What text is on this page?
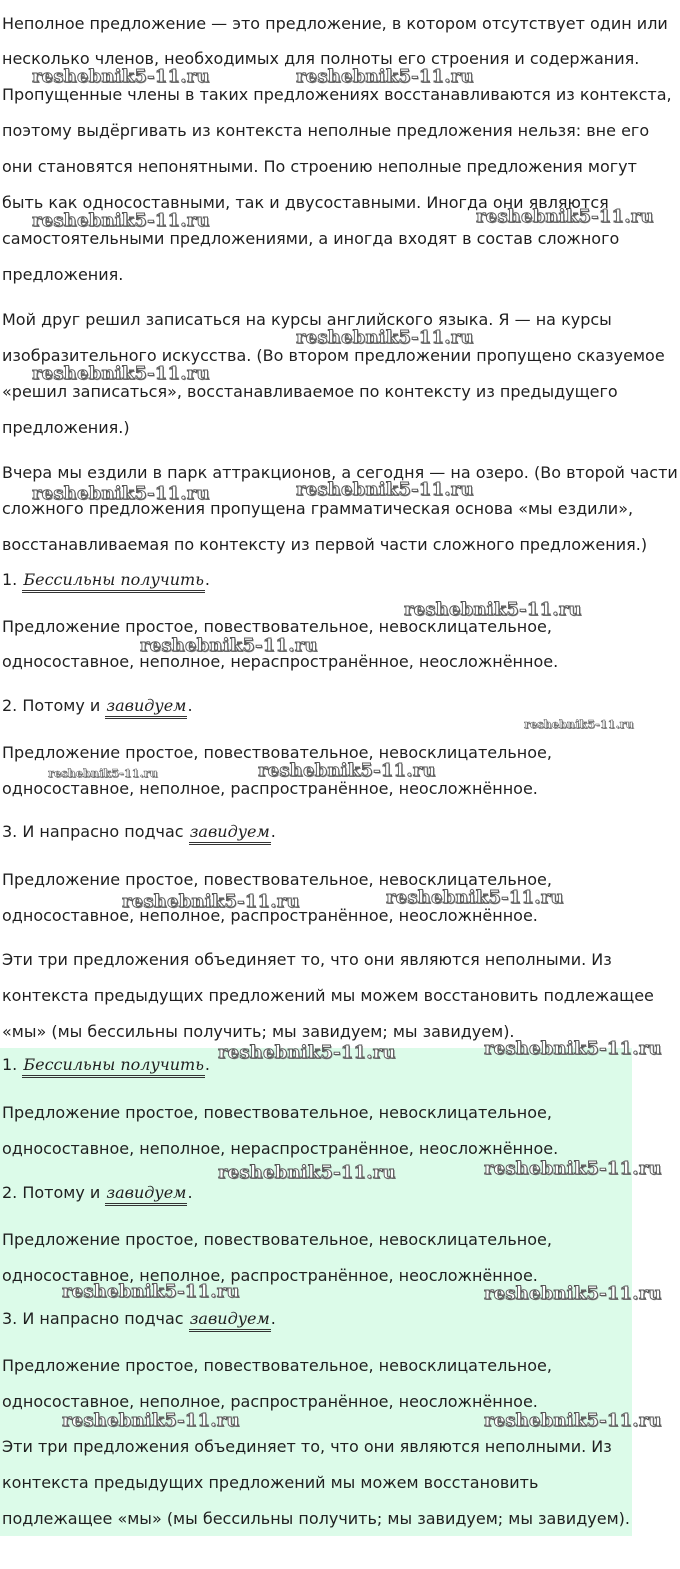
Неполное предложение — это предложение, в котором отсутствует один или
несколько членов, необходимых для полноты его строения и содержания.
Пропущенные члены в таких предложениях восстанавливаются из контекста,
поэтому выдёргивать из контекста неполные предложения нельзя: вне его
они становятся непонятными. По строению неполные предложения могут
быть как односоставными, так и двусоставными. Иногда они являются
самостоятельными предложениями, а иногда входят в состав сложного
предложения.
Мой друг решил записаться на курсы английского языка. Я — на курсы
изобразительного искусства. (Во втором предложении пропущено сказуемое
«решил записаться», восстанавливаемое по контексту из предыдущего
предложения.)
Вчера мы ездили в парк аттракционов, а сегодня — на озеро. (Во второй части
сложного предложения пропущена грамматическая основа «мы ездили»,
восстанавливаемая по контексту из первой части сложного предложения.)
1. Бессильны получить.
Предложение простое, повествовательное, невосклицательное,
односоставное, неполное, нераспространённое, неосложнённое.
2. Потому и завидуем.
Предложение простое, повествовательное, невосклицательное,
односоставное, неполное, распространённое, неосложнённое.
3. И напрасно подчас завидуем.
Предложение простое, повествовательное, невосклицательное,
односоставное, неполное, распространённое, неосложнённое.
Эти три предложения объединяет то, что они являются неполными. Из
контекста предыдущих предложений мы можем восстановить подлежащее
«мы» (мы бессильны получить; мы завидуем; мы завидуем).
1. Бессильны получить.
Предложение простое, повествовательное, невосклицательное,
односоставное, неполное, нераспространённое, неосложнённое.
2. Потому и завидуем.
Предложение простое, повествовательное, невосклицательное,
односоставное, неполное, распространённое, неосложнённое.
3. И напрасно подчас завидуем.
Предложение простое, повествовательное, невосклицательное,
односоставное, неполное, распространённое, неосложнённое.
Эти три предложения объединяет то, что они являются неполными. Из
контекста предыдущих предложений мы можем восстановить
подлежащее «мы» (мы бессильны получить; мы завидуем; мы завидуем).
reshebnik5-11.ru	reshebnik5-11.ru
reshebnik5-11.ru	reshebnik5-11.ru
reshebnik5-11.ru
reshebnik5-11.ru
reshebnik5-11.ru
reshebnik5-11.ru
reshebnik5-11.ru
reshebnik5-11.ru
reshebnik5-11.ru
reshebnik5-11.ru
reshebnik5-11.ru
reshebnik5-11.ru
reshebnik5-11.ru
reshebnik5-11.ru	reshebnik5-11.ru
reshebnik5-11.ru	reshebnik5-11.ru
reshebnik5-11.ru	reshebnik5-11.ru
reshebnik5-11.ru	reshebnik5-11.ru
